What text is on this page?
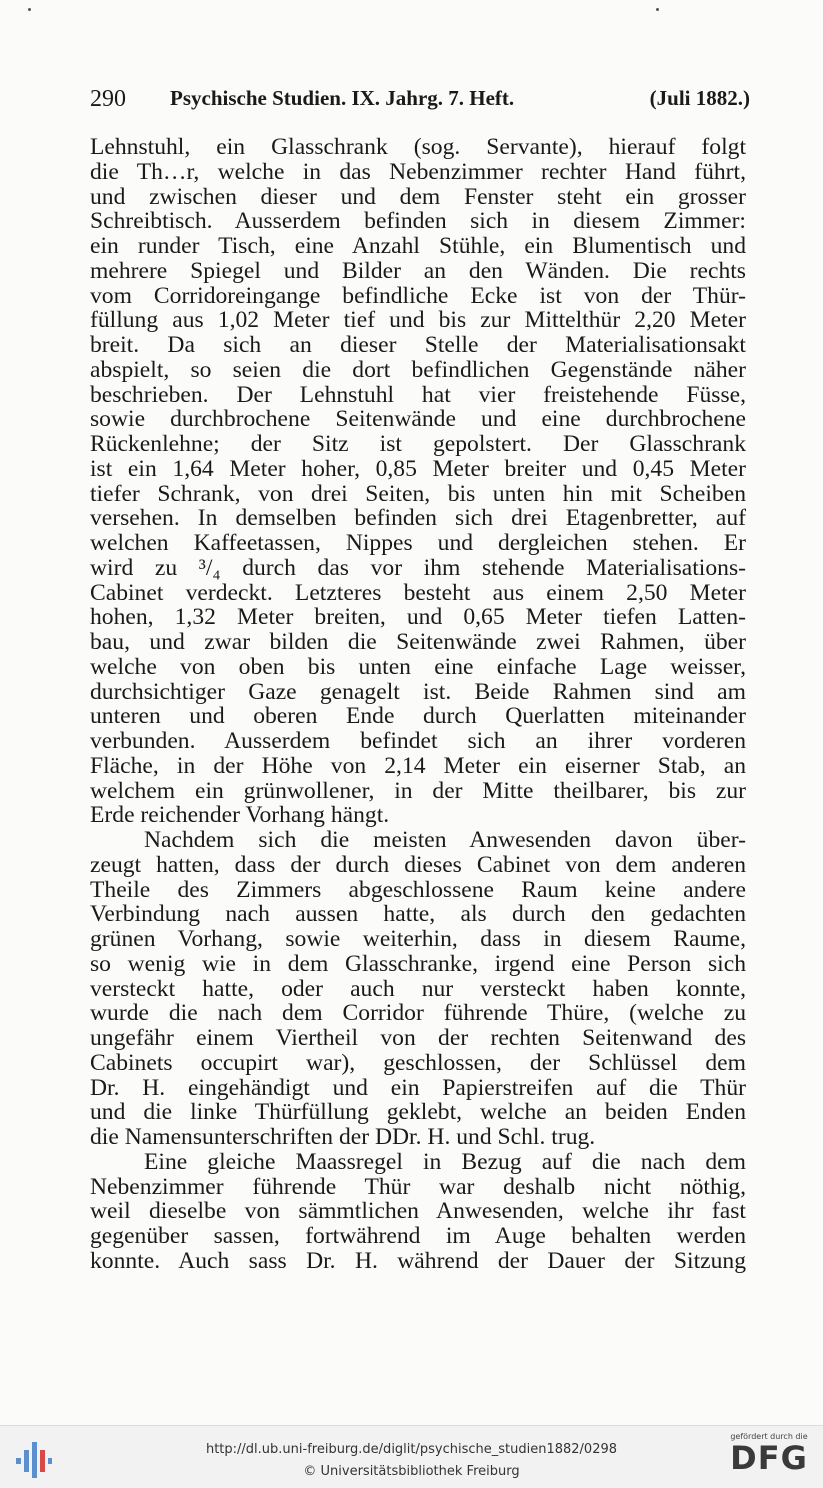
290 Psychische Studien. IX. Jahrg. 7. Heft.	(Juli 1882.)
Lehnstuhl, ein Glasschrank (sog. Servante), hierauf folgt
die Th…r, welche in das Nebenzimmer rechter Hand führt,
und zwischen dieser und dem Fenster steht ein grosser
Schreibtisch. Ausserdem befinden sich in diesem Zimmer:
ein runder Tisch, eine Anzahl Stühle, ein Blumentisch und
mehrere Spiegel und Bilder an den Wänden. Die rechts
vom Corridoreingange befindliche Ecke ist von der Thür-
füllung aus 1,02 Meter tief und bis zur Mittelthür 2,20 Meter
breit. Da sich an dieser Stelle der Materialisationsakt
abspielt, so seien die dort befindlichen Gegenstände näher
beschrieben. Der Lehnstuhl hat vier freistehende Füsse,
sowie durchbrochene Seitenwände und eine durchbrochene
Rückenlehne; der Sitz ist gepolstert. Der Glasschrank
ist ein 1,64 Meter hoher, 0,85 Meter breiter und 0,45 Meter
tiefer Schrank, von drei Seiten, bis unten hin mit Scheiben
versehen. In demselben befinden sich drei Etagenbretter, auf
welchen Kaffeetassen, Nippes und dergleichen stehen. Er
wird zu ³/₄ durch das vor ihm stehende Materialisations-
Cabinet verdeckt. Letzteres besteht aus einem 2,50 Meter
hohen, 1,32 Meter breiten, und 0,65 Meter tiefen Latten-
bau, und zwar bilden die Seitenwände zwei Rahmen, über
welche von oben bis unten eine einfache Lage weisser,
durchsichtiger Gaze genagelt ist. Beide Rahmen sind am
unteren und oberen Ende durch Querlatten miteinander
verbunden. Ausserdem befindet sich an ihrer vorderen
Fläche, in der Höhe von 2,14 Meter ein eiserner Stab, an
welchem ein grünwollener, in der Mitte theilbarer, bis zur
Erde reichender Vorhang hängt.
Nachdem sich die meisten Anwesenden davon über-
zeugt hatten, dass der durch dieses Cabinet von dem anderen
Theile des Zimmers abgeschlossene Raum keine andere
Verbindung nach aussen hatte, als durch den gedachten
grünen Vorhang, sowie weiterhin, dass in diesem Raume,
so wenig wie in dem Glasschranke, irgend eine Person sich
versteckt hatte, oder auch nur versteckt haben konnte,
wurde die nach dem Corridor führende Thüre, (welche zu
ungefähr einem Viertheil von der rechten Seitenwand des
Cabinets occupirt war), geschlossen, der Schlüssel dem
Dr. H. eingehändigt und ein Papierstreifen auf die Thür
und die linke Thürfüllung geklebt, welche an beiden Enden
die Namensunterschriften der DDr. H. und Schl. trug.
Eine gleiche Maassregel in Bezug auf die nach dem
Nebenzimmer führende Thür war deshalb nicht nöthig,
weil dieselbe von sämmtlichen Anwesenden, welche ihr fast
gegenüber sassen, fortwährend im Auge behalten werden
konnte. Auch sass Dr. H. während der Dauer der Sitzung
http://dl.ub.uni-freiburg.de/diglit/psychische_studien1882/0298
© Universitätsbibliothek Freiburg
gefördert durch die
DFG
